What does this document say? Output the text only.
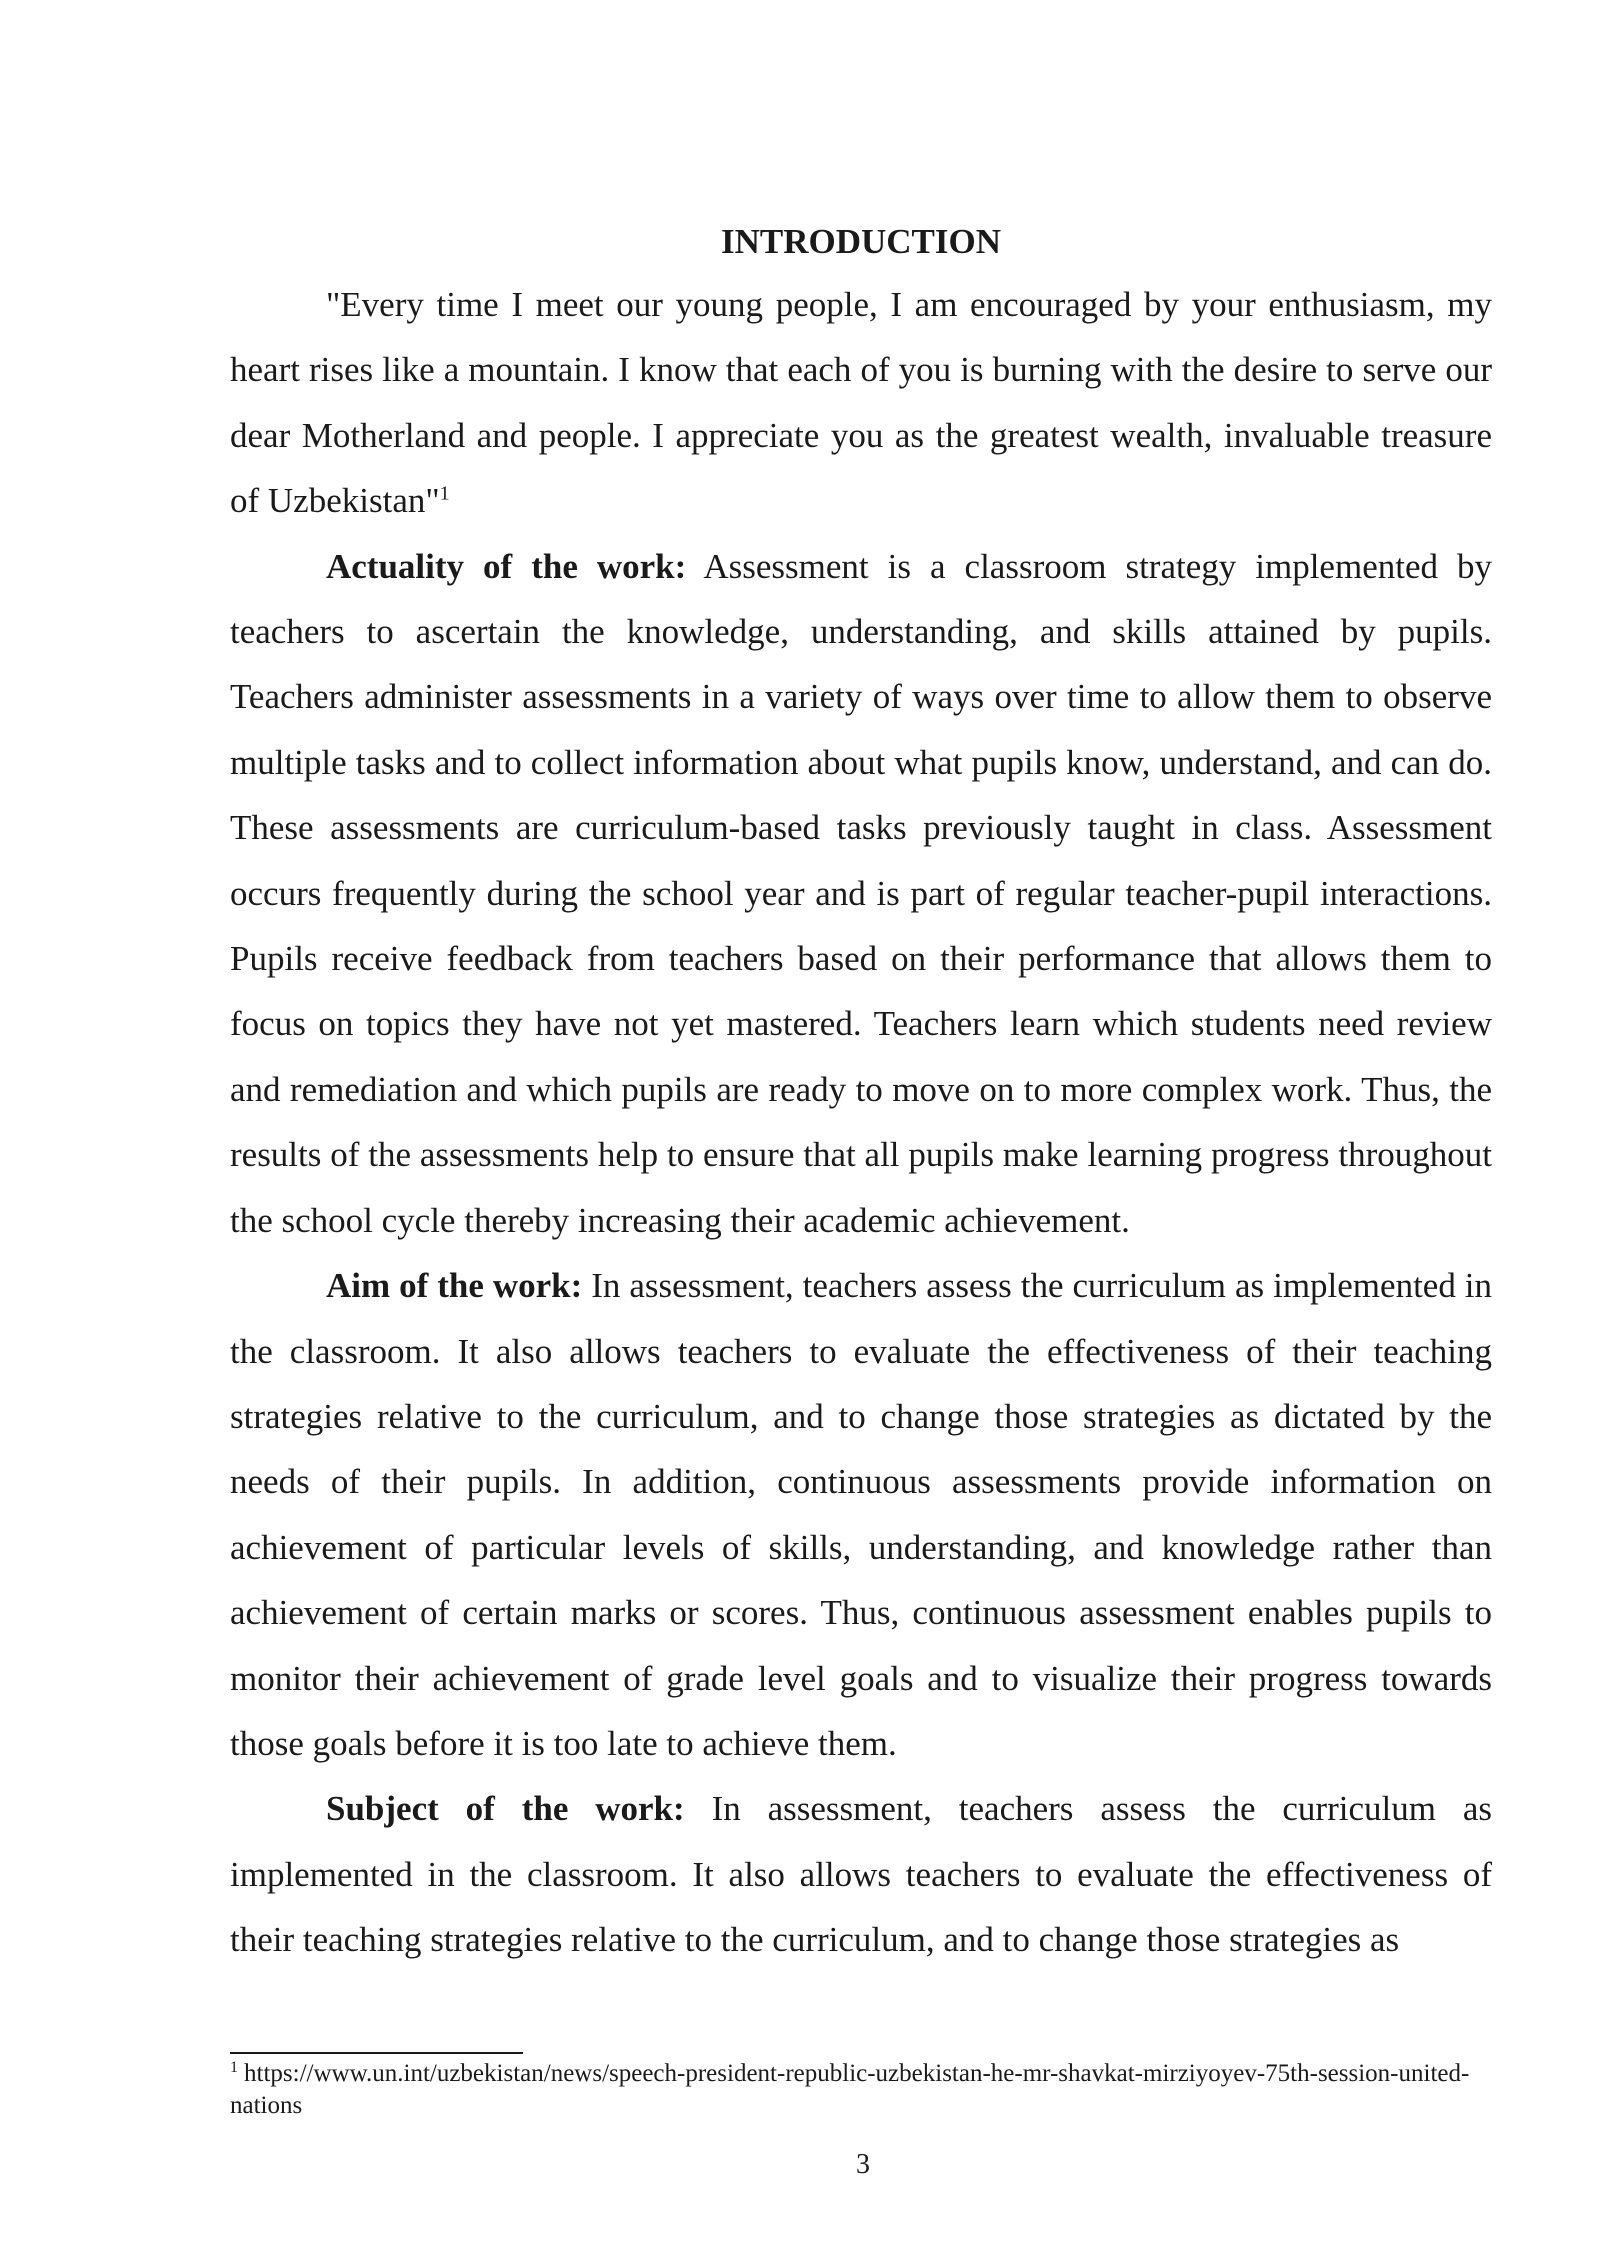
INTRODUCTION

"Every time I meet our young people, I am encouraged by your enthusiasm, my heart rises like a mountain. I know that each of you is burning with the desire to serve our dear Motherland and people. I appreciate you as the greatest wealth, invaluable treasure of Uzbekistan"$^1$

Actuality of the work: Assessment is a classroom strategy implemented by teachers to ascertain the knowledge, understanding, and skills attained by pupils. Teachers administer assessments in a variety of ways over time to allow them to observe multiple tasks and to collect information about what pupils know, understand, and can do. These assessments are curriculum-based tasks previously taught in class. Assessment occurs frequently during the school year and is part of regular teacher-pupil interactions. Pupils receive feedback from teachers based on their performance that allows them to focus on topics they have not yet mastered. Teachers learn which students need review and remediation and which pupils are ready to move on to more complex work. Thus, the results of the assessments help to ensure that all pupils make learning progress throughout the school cycle thereby increasing their academic achievement.

Aim of the work: In assessment, teachers assess the curriculum as implemented in the classroom. It also allows teachers to evaluate the effectiveness of their teaching strategies relative to the curriculum, and to change those strategies as dictated by the needs of their pupils. In addition, continuous assessments provide information on achievement of particular levels of skills, understanding, and knowledge rather than achievement of certain marks or scores. Thus, continuous assessment enables pupils to monitor their achievement of grade level goals and to visualize their progress towards those goals before it is too late to achieve them.

Subject of the work: In assessment, teachers assess the curriculum as implemented in the classroom. It also allows teachers to evaluate the effectiveness of their teaching strategies relative to the curriculum, and to change those strategies as

$^1$ https://www.un.int/uzbekistan/news/speech-president-republic-uzbekistan-he-mr-shavkat-mirziyoyev-75th-session-united-nations
3
